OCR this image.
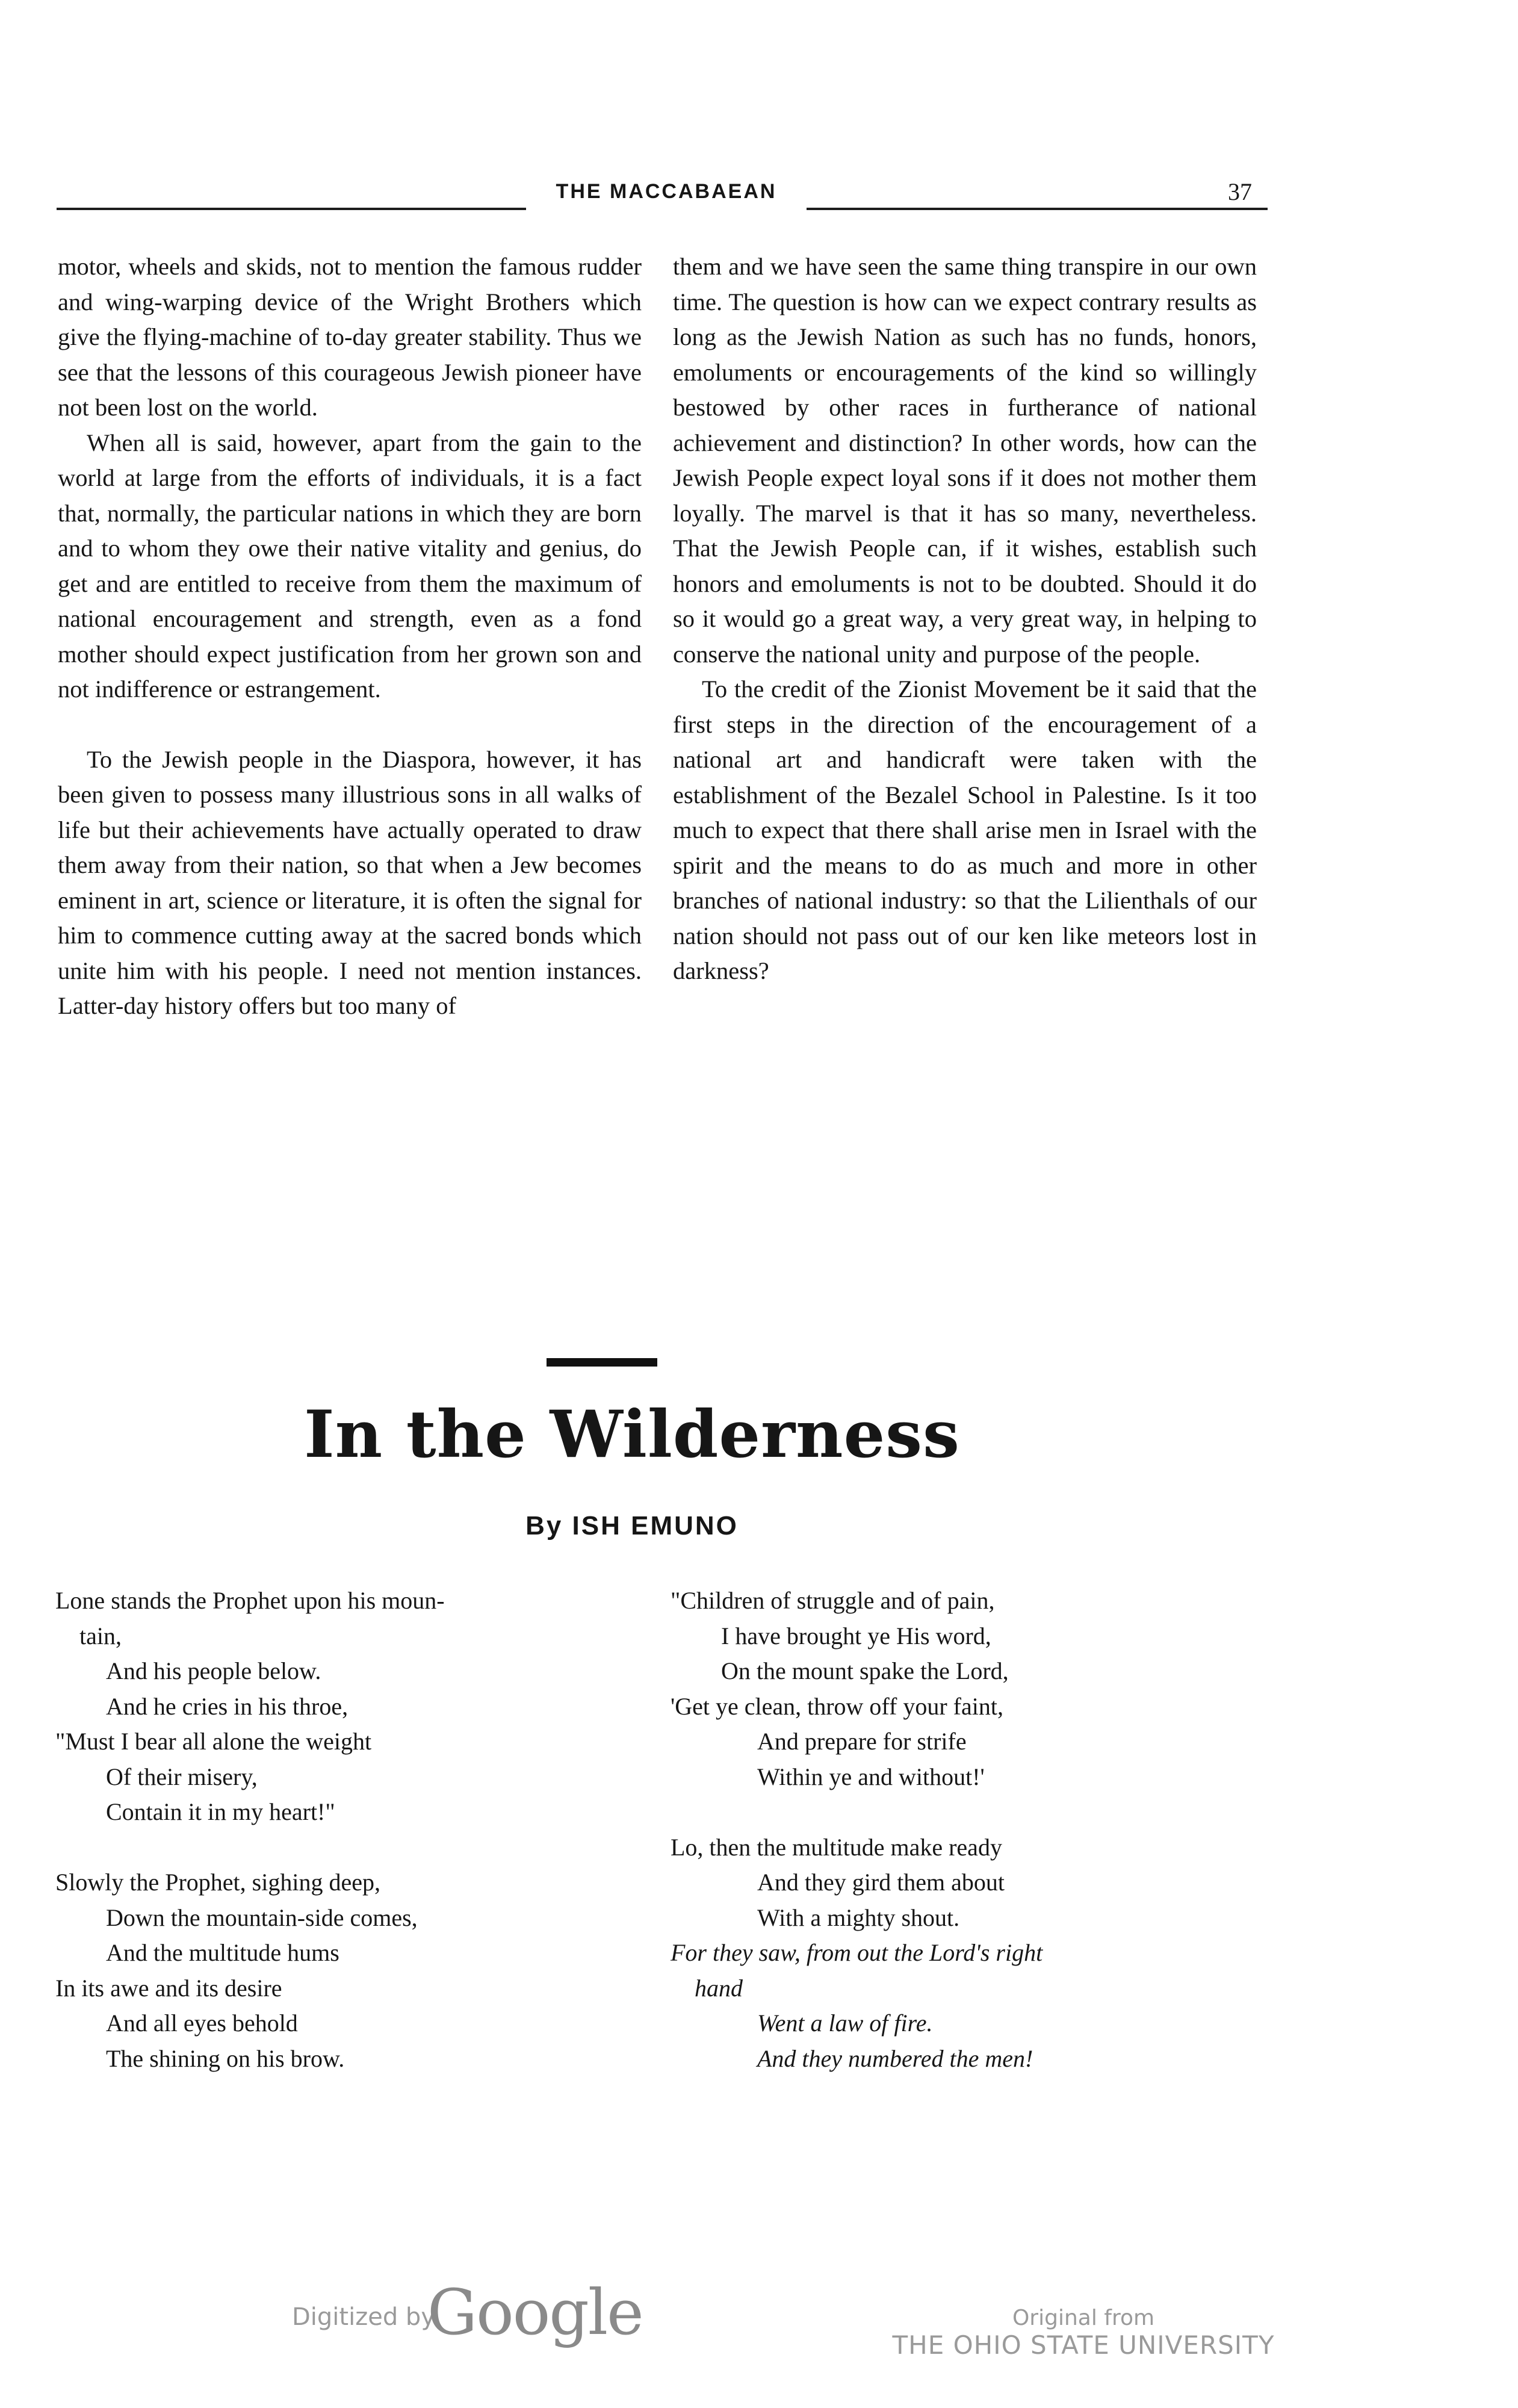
THE MACCABAEAN	37

motor, wheels and skids, not to mention the famous rudder and wing-warping device of the Wright Brothers which give the flying-machine of to-day greater stability. Thus we see that the lessons of this courageous Jewish pioneer have not been lost on the world.

When all is said, however, apart from the gain to the world at large from the efforts of individuals, it is a fact that, normally, the particular nations in which they are born and to whom they owe their native vitality and genius, do get and are entitled to receive from them the maximum of national encouragement and strength, even as a fond mother should expect justification from her grown son and not indifference or estrangement.

To the Jewish people in the Diaspora, however, it has been given to possess many illustrious sons in all walks of life but their achievements have actually operated to draw them away from their nation, so that when a Jew becomes eminent in art, science or literature, it is often the signal for him to commence cutting away at the sacred bonds which unite him with his people. I need not mention instances. Latter-day history offers but too many of

them and we have seen the same thing transpire in our own time. The question is how can we expect contrary results as long as the Jewish Nation as such has no funds, honors, emoluments or encouragements of the kind so willingly bestowed by other races in furtherance of national achievement and distinction? In other words, how can the Jewish People expect loyal sons if it does not mother them loyally. The marvel is that it has so many, nevertheless. That the Jewish People can, if it wishes, establish such honors and emoluments is not to be doubted. Should it do so it would go a great way, a very great way, in helping to conserve the national unity and purpose of the people.

To the credit of the Zionist Movement be it said that the first steps in the direction of the encouragement of a national art and handicraft were taken with the establishment of the Bezalel School in Palestine. Is it too much to expect that there shall arise men in Israel with the spirit and the means to do as much and more in other branches of national industry: so that the Lilienthals of our nation should not pass out of our ken like meteors lost in darkness?

In the Wilderness
By ISH EMUNO
Lone stands the Prophet upon his moun-
tain,
And his people below.
And he cries in his throe,
"Must I bear all alone the weight
Of their misery,
Contain it in my heart!"
Slowly the Prophet, sighing deep,
Down the mountain-side comes,
And the multitude hums
In its awe and its desire
And all eyes behold
The shining on his brow.
"Children of struggle and of pain,
I have brought ye His word,
On the mount spake the Lord,
'Get ye clean, throw off your faint,
And prepare for strife
Within ye and without!'
Lo, then the multitude make ready
And they gird them about
With a mighty shout.
For they saw, from out the Lord's right
hand
Went a law of fire.
And they numbered the men!
Digitized by
Google	Original from
THE OHIO STATE UNIVERSITY
